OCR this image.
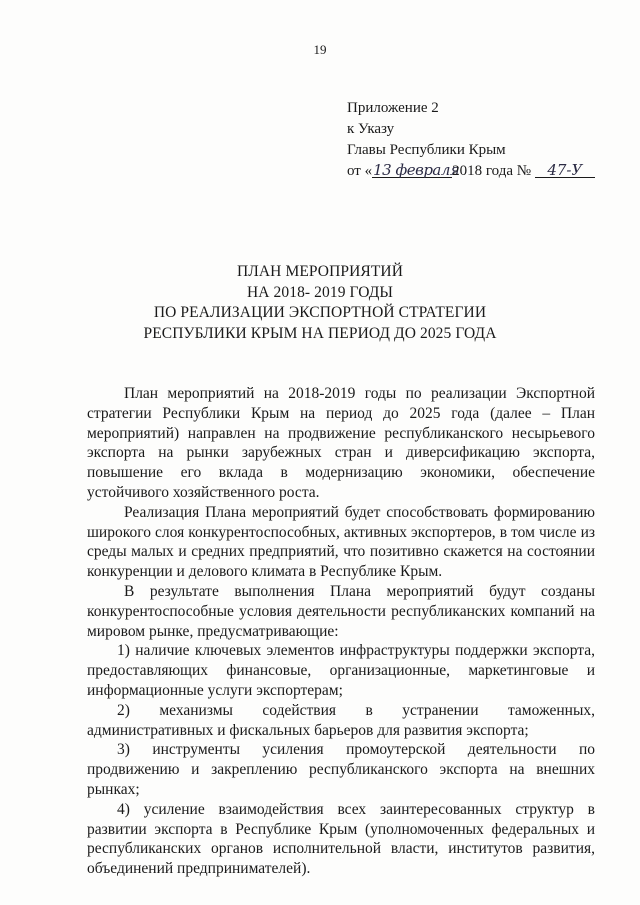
19
Приложение 2
к Указу
Главы Республики Крым
от «13 февраля2018 года № 47-У
ПЛАН МЕРОПРИЯТИЙ
НА 2018- 2019 ГОДЫ
ПО РЕАЛИЗАЦИИ ЭКСПОРТНОЙ СТРАТЕГИИ
РЕСПУБЛИКИ КРЫМ НА ПЕРИОД ДО 2025 ГОДА

План мероприятий на 2018-2019 годы по реализации Экспортной стратегии Республики Крым на период до 2025 года (далее – План мероприятий) направлен на продвижение республиканского несырьевого экспорта на рынки зарубежных стран и диверсификацию экспорта, повышение его вклада в модернизацию экономики, обеспечение устойчивого хозяйственного роста.

Реализация Плана мероприятий будет способствовать формированию широкого слоя конкурентоспособных, активных экспортеров, в том числе из среды малых и средних предприятий, что позитивно скажется на состоянии конкуренции и делового климата в Республике Крым.

В результате выполнения Плана мероприятий будут созданы конкурентоспособные условия деятельности республиканских компаний на мировом рынке, предусматривающие:

1) наличие ключевых элементов инфраструктуры поддержки экспорта, предоставляющих финансовые, организационные, маркетинговые и информационные услуги экспортерам;

2) механизмы содействия в устранении таможенных, административных и фискальных барьеров для развития экспорта;

3) инструменты усиления промоутерской деятельности по продвижению и закреплению республиканского экспорта на внешних рынках;

4) усиление взаимодействия всех заинтересованных структур в развитии экспорта в Республике Крым (уполномоченных федеральных и республиканских органов исполнительной власти, институтов развития, объединений предпринимателей).
